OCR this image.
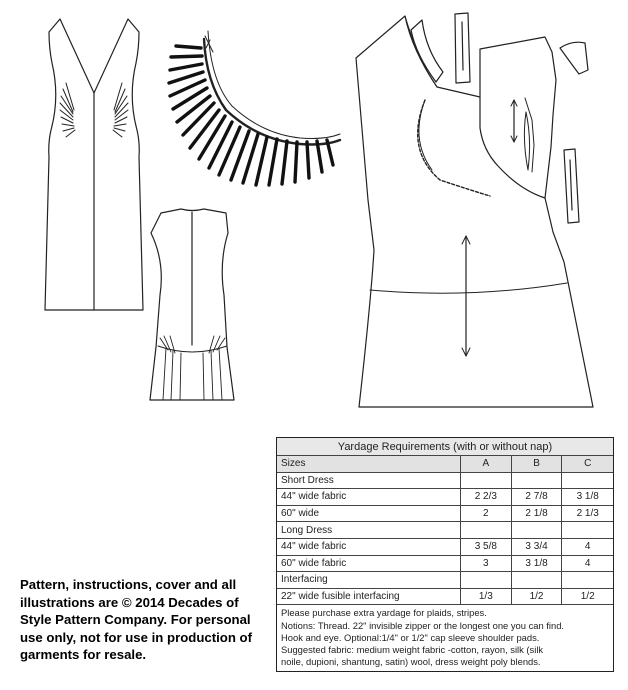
Pattern, instructions, cover and all
illustrations are © 2014 Decades of
Style Pattern Company. For personal
use only, not for use in production of
garments for resale.
Yardage Requirements (with or without nap)			
Sizes	A	B	C
Short Dress			
44" wide fabric	2 2/3	2 7/8	3 1/8
60" wide	2	2 1/8	2 1/3
Long Dress			
44" wide fabric	3 5/8	3 3/4	4
60" wide fabric	3	3 1/8	4
Interfacing			
22" wide fusible interfacing	1/3	1/2	1/2
Please purchase extra yardage for plaids, stripes.
Notions: Thread. 22" invisible zipper or the longest one you can find.
Hook and eye. Optional:1/4" or 1/2" cap sleeve shoulder pads.
Suggested fabric: medium weight fabric -cotton, rayon, silk (silk
noile, dupioni, shantung, satin) wool, dress weight poly blends.
